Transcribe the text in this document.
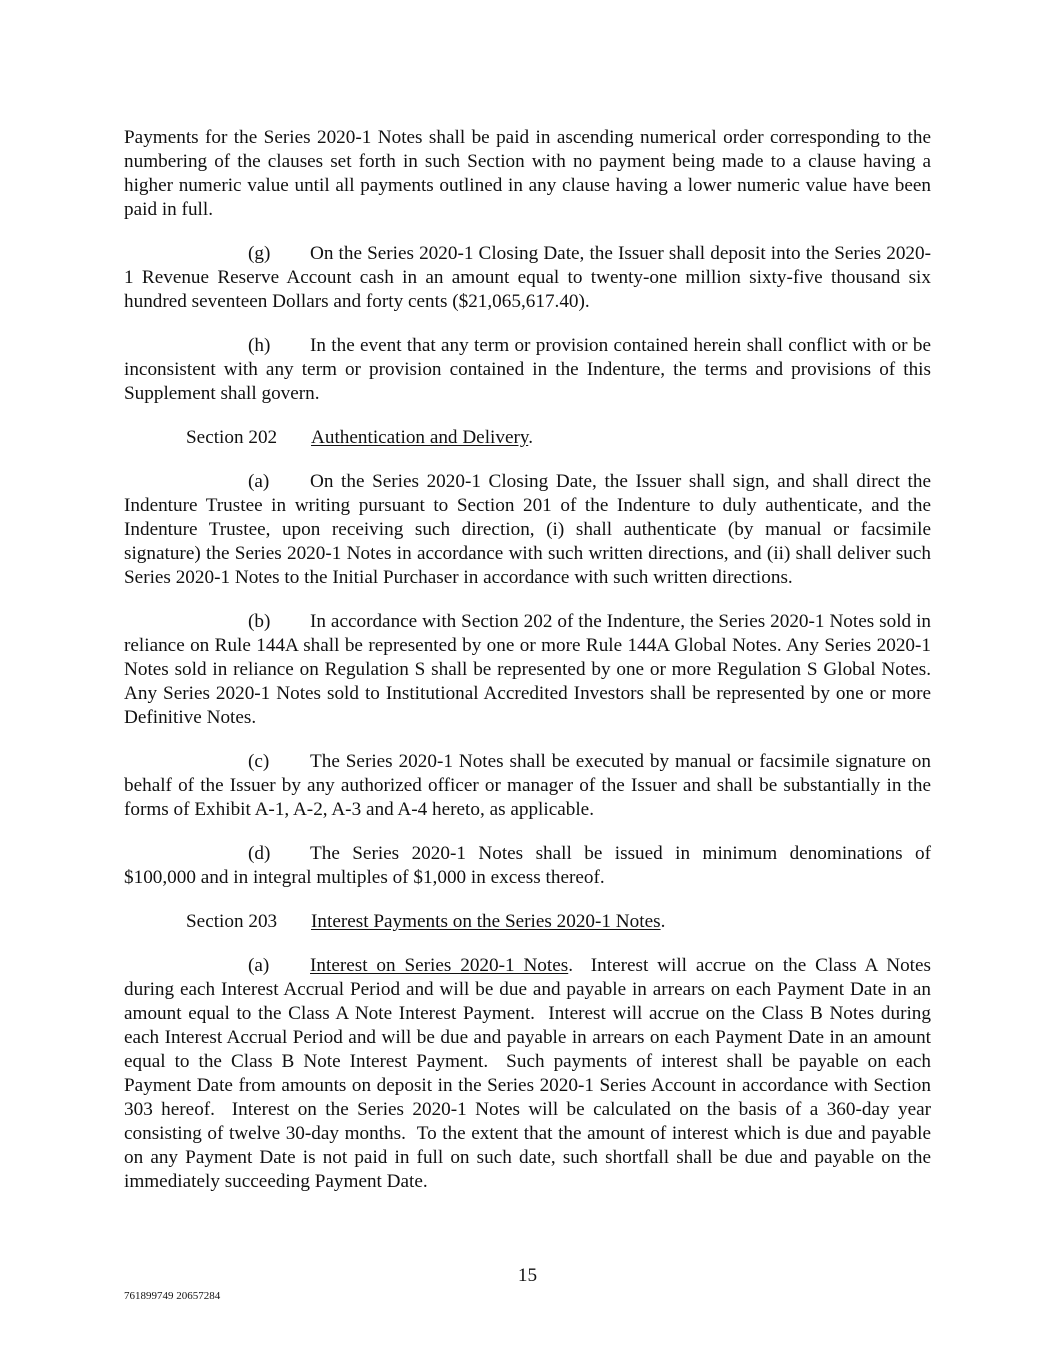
Payments for the Series 2020-1 Notes shall be paid in ascending numerical order corresponding to the numbering of the clauses set forth in such Section with no payment being made to a clause having a higher numeric value until all payments outlined in any clause having a lower numeric value have been paid in full.

(g) On the Series 2020-1 Closing Date, the Issuer shall deposit into the Series 2020-1 Revenue Reserve Account cash in an amount equal to twenty-one million sixty-five thousand six hundred seventeen Dollars and forty cents ($21,065,617.40).

(h) In the event that any term or provision contained herein shall conflict with or be inconsistent with any term or provision contained in the Indenture, the terms and provisions of this Supplement shall govern.

Section 202 Authentication and Delivery.

(a) On the Series 2020-1 Closing Date, the Issuer shall sign, and shall direct the Indenture Trustee in writing pursuant to Section 201 of the Indenture to duly authenticate, and the Indenture Trustee, upon receiving such direction, (i) shall authenticate (by manual or facsimile signature) the Series 2020-1 Notes in accordance with such written directions, and (ii) shall deliver such Series 2020-1 Notes to the Initial Purchaser in accordance with such written directions.

(b) In accordance with Section 202 of the Indenture, the Series 2020-1 Notes sold in reliance on Rule 144A shall be represented by one or more Rule 144A Global Notes. Any Series 2020-1 Notes sold in reliance on Regulation S shall be represented by one or more Regulation S Global Notes. Any Series 2020-1 Notes sold to Institutional Accredited Investors shall be represented by one or more Definitive Notes.

(c) The Series 2020-1 Notes shall be executed by manual or facsimile signature on behalf of the Issuer by any authorized officer or manager of the Issuer and shall be substantially in the forms of Exhibit A-1, A-2, A-3 and A-4 hereto, as applicable.

(d) The Series 2020-1 Notes shall be issued in minimum denominations of $100,000 and in integral multiples of $1,000 in excess thereof.

Section 203 Interest Payments on the Series 2020-1 Notes.

(a) Interest on Series 2020-1 Notes.  Interest will accrue on the Class A Notes during each Interest Accrual Period and will be due and payable in arrears on each Payment Date in an amount equal to the Class A Note Interest Payment.  Interest will accrue on the Class B Notes during each Interest Accrual Period and will be due and payable in arrears on each Payment Date in an amount equal to the Class B Note Interest Payment.  Such payments of interest shall be payable on each Payment Date from amounts on deposit in the Series 2020-1 Series Account in accordance with Section 303 hereof.  Interest on the Series 2020-1 Notes will be calculated on the basis of a 360-day year consisting of twelve 30-day months.  To the extent that the amount of interest which is due and payable on any Payment Date is not paid in full on such date, such shortfall shall be due and payable on the immediately succeeding Payment Date.

15
761899749 20657284
